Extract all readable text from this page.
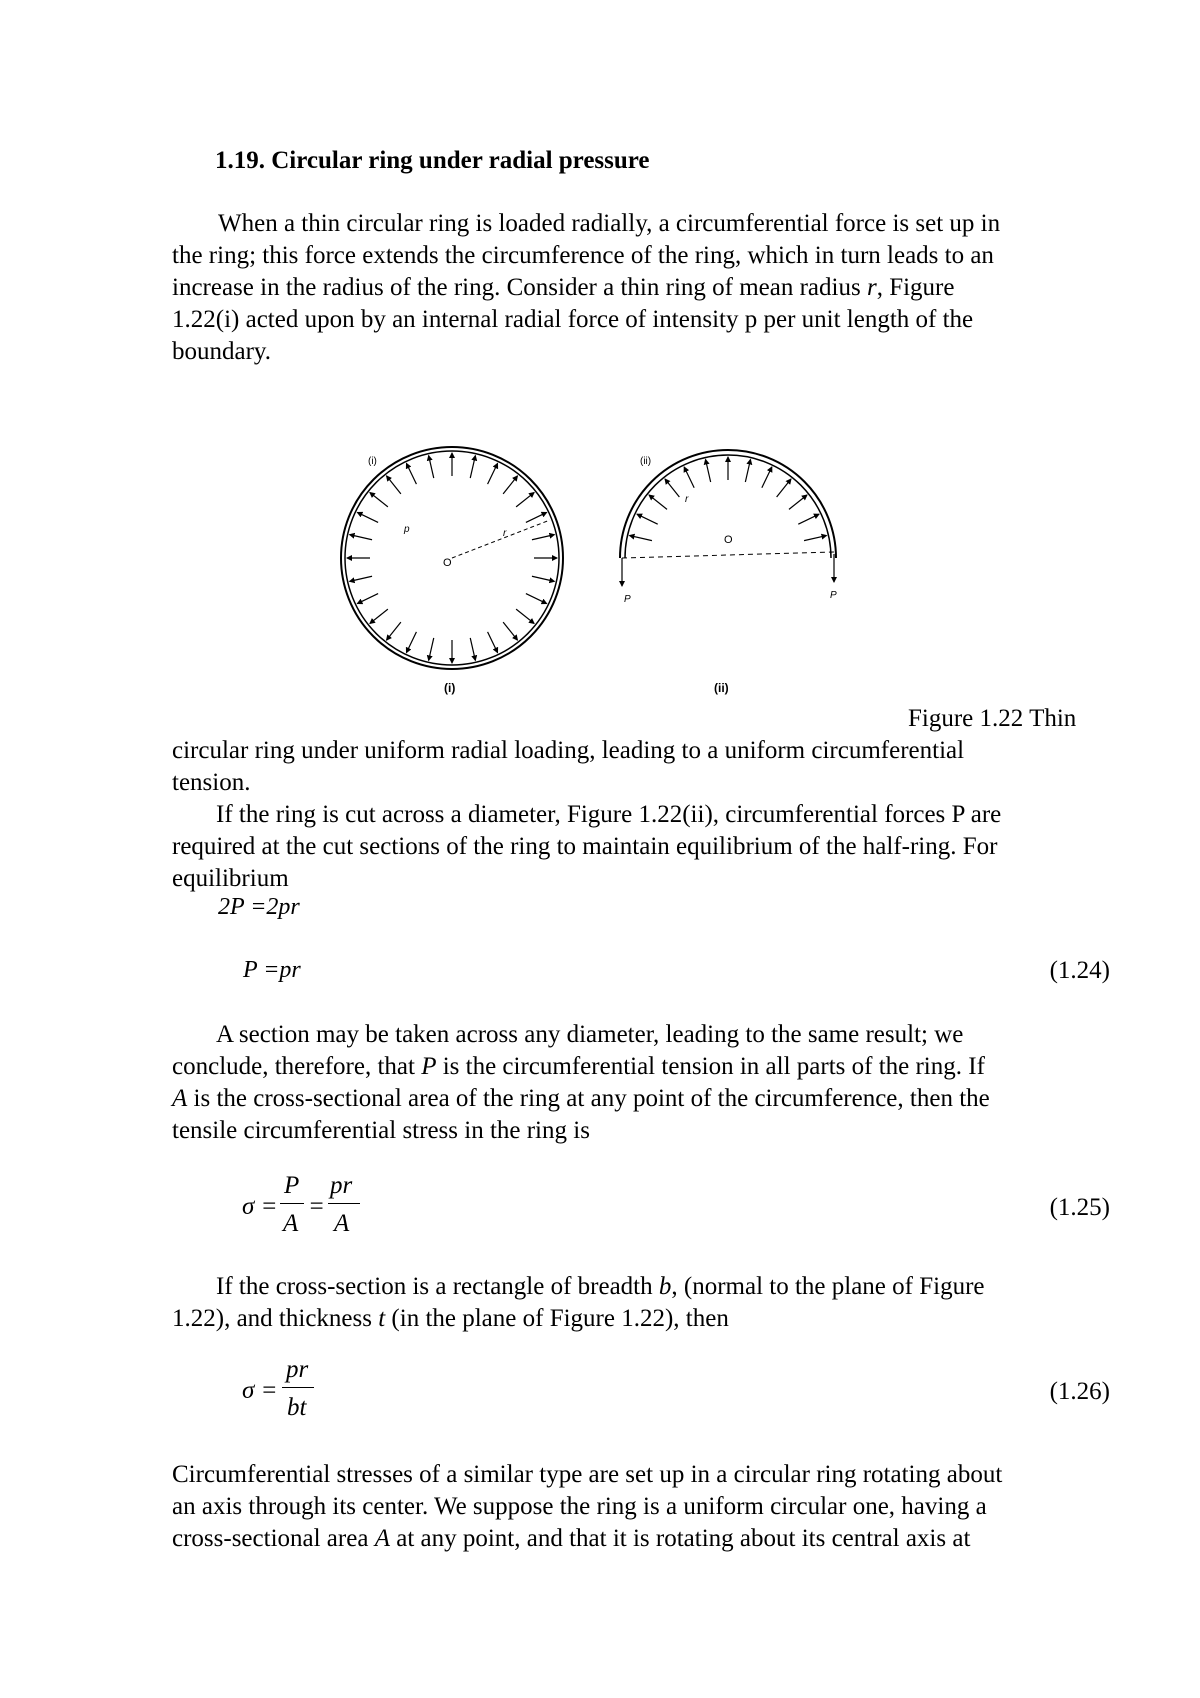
1.19. Circular ring under radial pressure
When a thin circular ring is loaded radially, a circumferential force is set up in
the ring; this force extends the circumference of the ring, which in turn leads to an
increase in the radius of the ring. Consider a thin ring of mean radius r, Figure
1.22(i) acted upon by an internal radial force of intensity p per unit length of the
boundary.
(i)
p	r
O
(i)
(ii)
P	P
r
O
(ii)
Figure 1.22 Thin
circular ring under uniform radial loading, leading to a uniform circumferential
tension.
If the ring is cut across a diameter, Figure 1.22(ii), circumferential forces P are
required at the cut sections of the ring to maintain equilibrium of the half-ring. For
equilibrium
2P =2pr
P =pr	(1.24)
A section may be taken across any diameter, leading to the same result; we
conclude, therefore, that P is the circumferential tension in all parts of the ring. If
A is the cross-sectional area of the ring at any point of the circumference, then the
tensile circumferential stress in the ring is
σ =
P
A
=
pr
A
(1.25)
If the cross-section is a rectangle of breadth b, (normal to the plane of Figure
1.22), and thickness t (in the plane of Figure 1.22), then
σ =
pr
bt
(1.26)
Circumferential stresses of a similar type are set up in a circular ring rotating about
an axis through its center. We suppose the ring is a uniform circular one, having a
cross-sectional area A at any point, and that it is rotating about its central axis at
